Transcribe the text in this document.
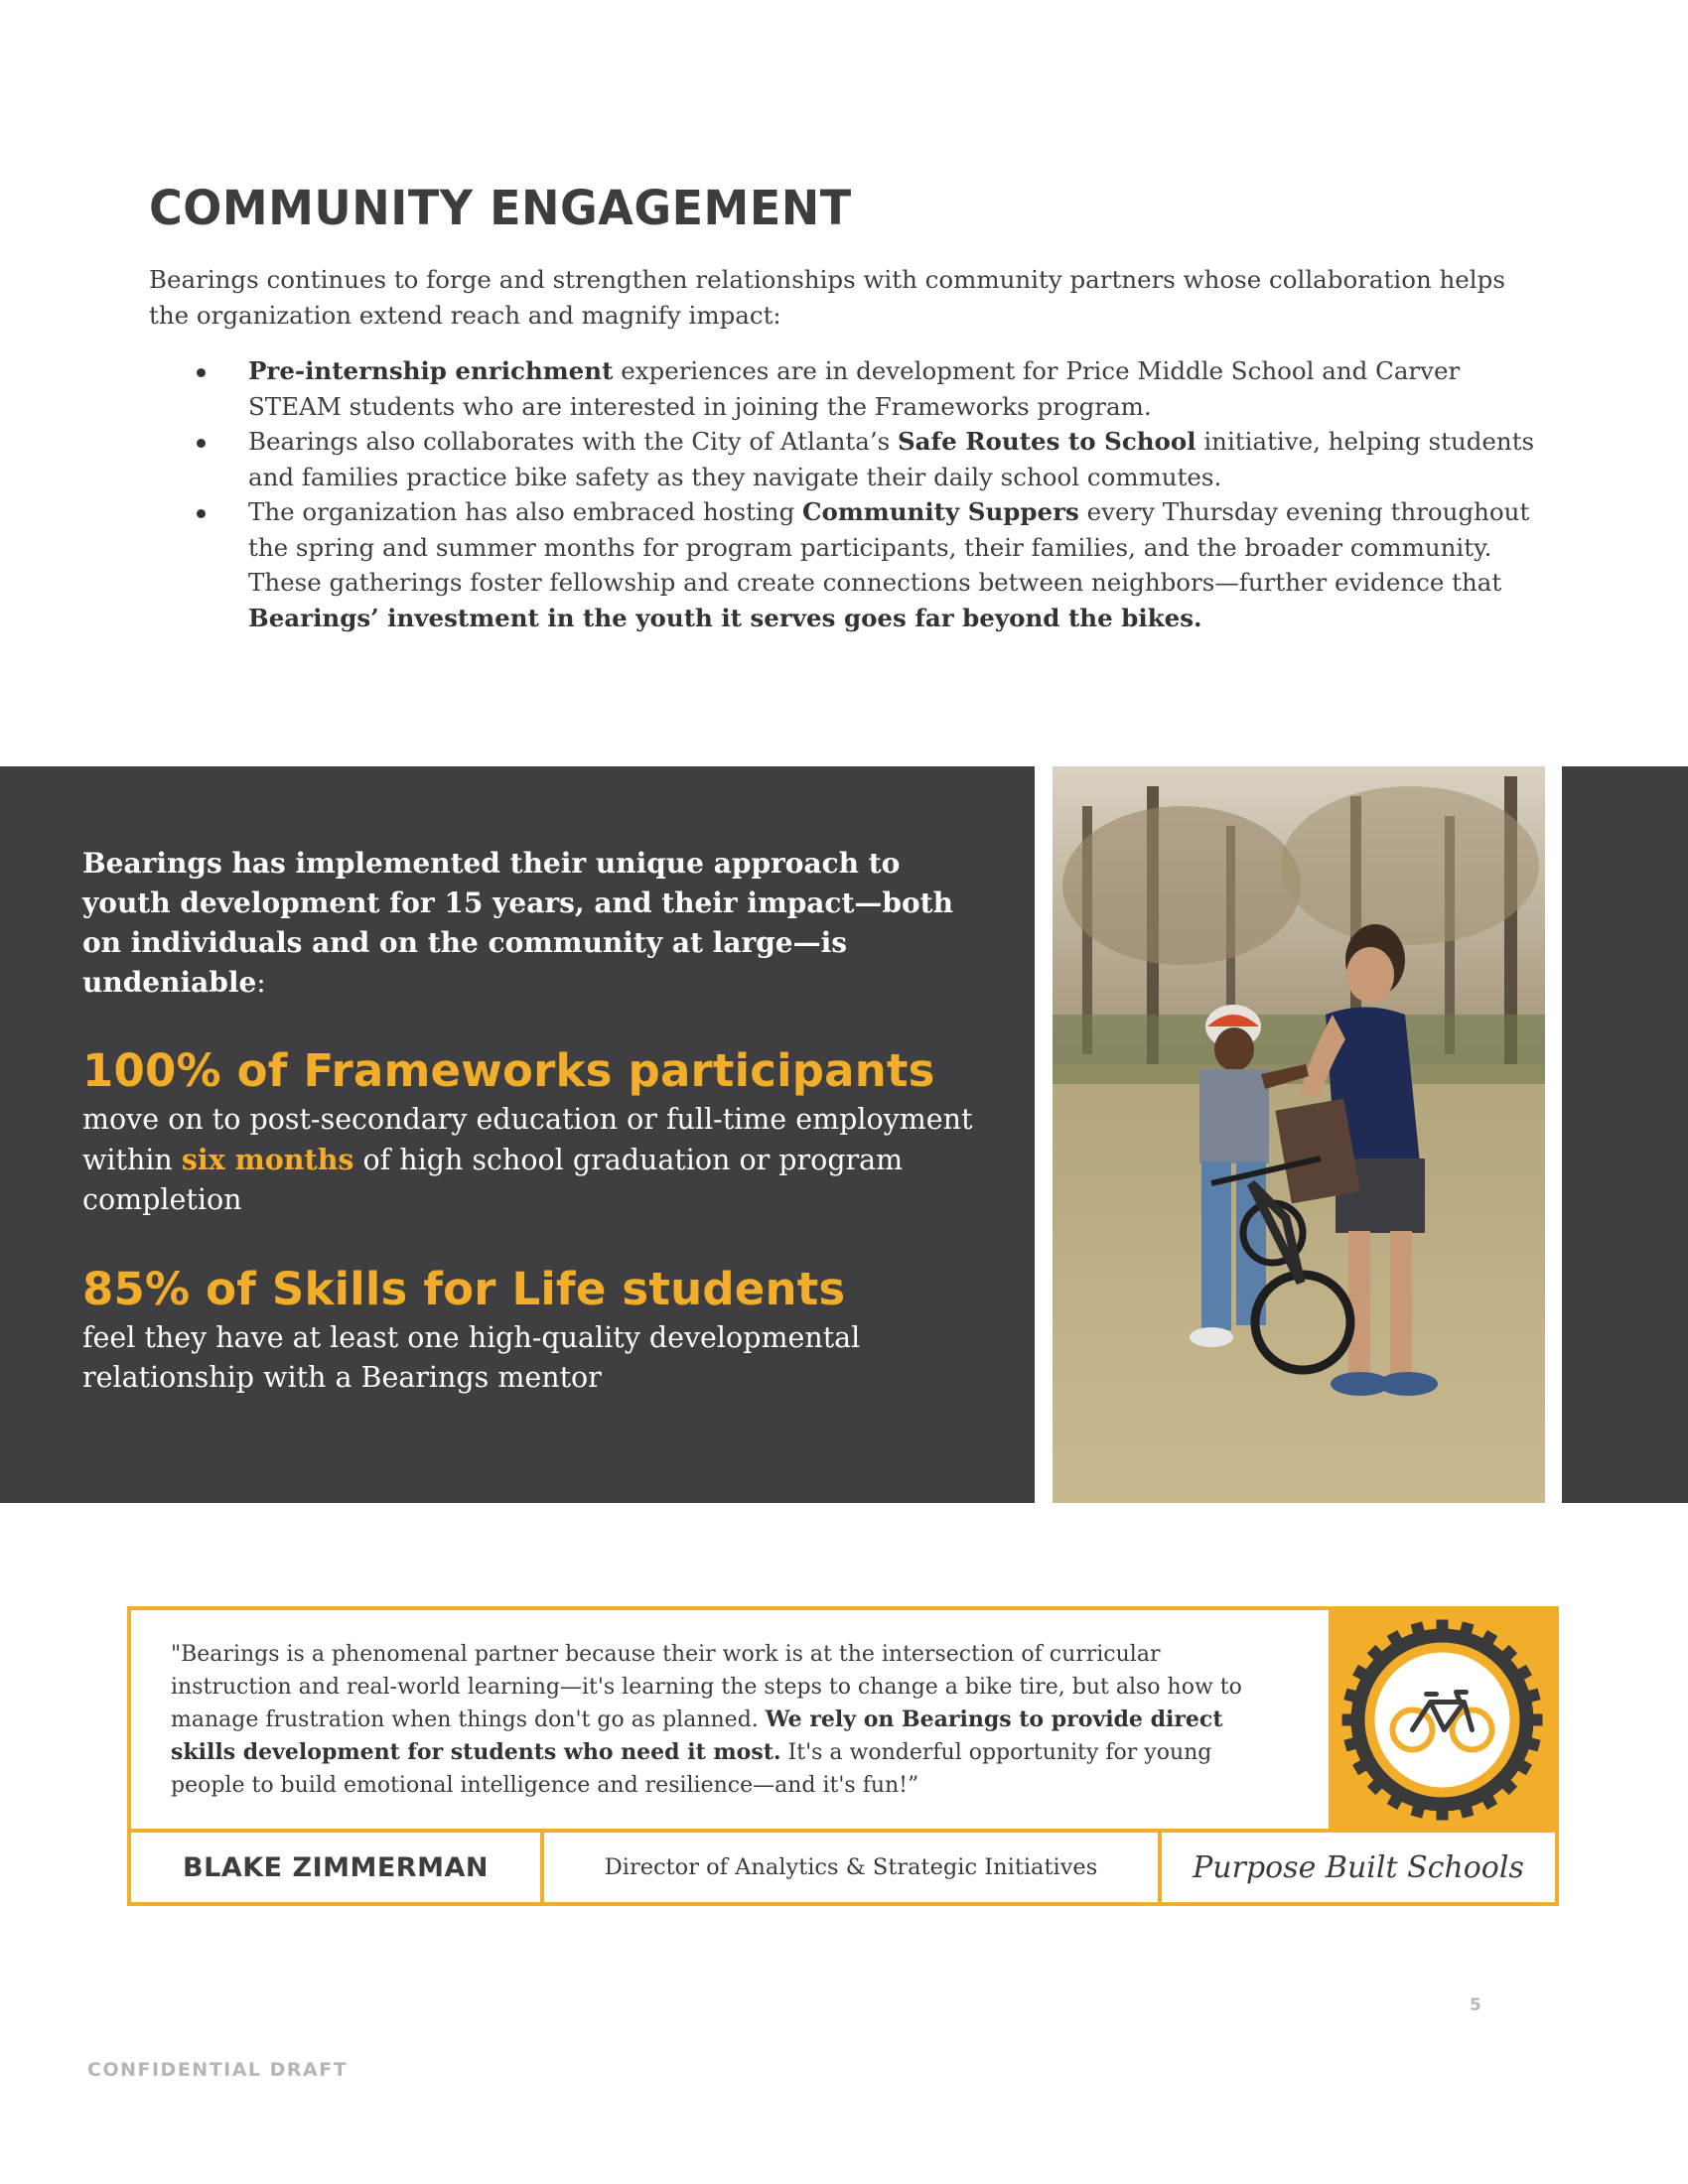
COMMUNITY ENGAGEMENT

Bearings continues to forge and strengthen relationships with community partners whose collaboration helps the organization extend reach and magnify impact:

Pre-internship enrichment experiences are in development for Price Middle School and Carver STEAM students who are interested in joining the Frameworks program.
Bearings also collaborates with the City of Atlanta’s Safe Routes to School initiative, helping students and families practice bike safety as they navigate their daily school commutes.
The organization has also embraced hosting Community Suppers every Thursday evening throughout the spring and summer months for program participants, their families, and the broader community. These gatherings foster fellowship and create connections between neighbors—further evidence that Bearings’ investment in the youth it serves goes far beyond the bikes.

Bearings has implemented their unique approach to youth development for 15 years, and their impact—both on individuals and on the community at large—is undeniable:

100% of Frameworks participants

move on to post-secondary education or full-time employment within six months of high school graduation or program completion

85% of Skills for Life students

feel they have at least one high-quality developmental relationship with a Bearings mentor

"Bearings is a phenomenal partner because their work is at the intersection of curricular instruction and real-world learning—it's learning the steps to change a bike tire, but also how to manage frustration when things don't go as planned. We rely on Bearings to provide direct skills development for students who need it most. It's a wonderful opportunity for young people to build emotional intelligence and resilience—and it's fun!”

BLAKE ZIMMERMAN	Director of Analytics & Strategic Initiatives	Purpose Built Schools

5

CONFIDENTIAL DRAFT
